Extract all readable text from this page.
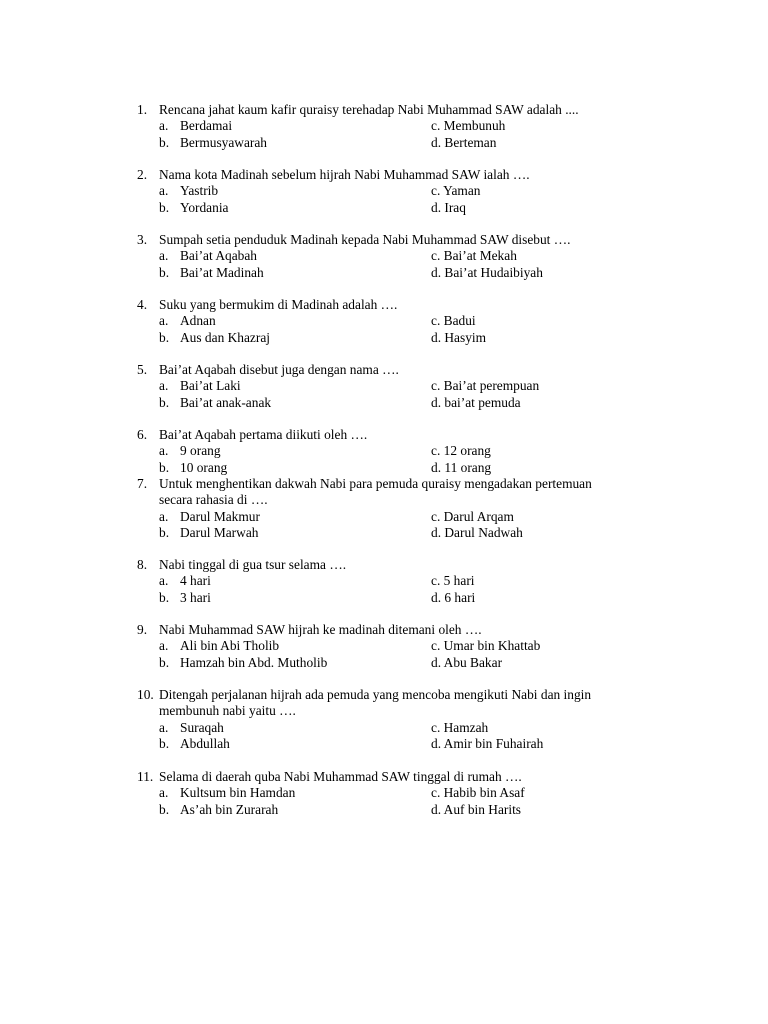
1. Rencana jahat kaum kafir quraisy terehadap Nabi Muhammad SAW adalah ....
a. Berdamai	c. Membunuh
b. Bermusyawarah	d. Berteman
2. Nama kota Madinah sebelum hijrah Nabi Muhammad SAW ialah ….
a. Yastrib	c. Yaman
b. Yordania	d. Iraq
3. Sumpah setia penduduk Madinah kepada Nabi Muhammad SAW disebut ….
a. Bai’at Aqabah	c. Bai’at Mekah
b. Bai’at Madinah	d. Bai’at Hudaibiyah
4. Suku yang bermukim di Madinah adalah ….
a. Adnan	c. Badui
b. Aus dan Khazraj	d. Hasyim
5. Bai’at Aqabah disebut juga dengan nama ….
a. Bai’at Laki	c. Bai’at perempuan
b. Bai’at anak-anak	d. bai’at pemuda
6. Bai’at Aqabah pertama diikuti oleh ….
a. 9 orang	c. 12 orang
b. 10 orang	d. 11 orang
7. Untuk menghentikan dakwah Nabi para pemuda quraisy mengadakan pertemuan
secara rahasia di ….
a. Darul Makmur	c. Darul Arqam
b. Darul Marwah	d. Darul Nadwah
8. Nabi tinggal di gua tsur selama ….
a. 4 hari	c. 5 hari
b. 3 hari	d. 6 hari
9. Nabi Muhammad SAW hijrah ke madinah ditemani oleh ….
a. Ali bin Abi Tholib	c. Umar bin Khattab
b. Hamzah bin Abd. Mutholib	d. Abu Bakar
10. Ditengah perjalanan hijrah ada pemuda yang mencoba mengikuti Nabi dan ingin
membunuh nabi yaitu ….
a. Suraqah	c. Hamzah
b. Abdullah	d. Amir bin Fuhairah
11. Selama di daerah quba Nabi Muhammad SAW tinggal di rumah ….
a. Kultsum bin Hamdan	c. Habib bin Asaf
b. As’ah bin Zurarah	d. Auf bin Harits
